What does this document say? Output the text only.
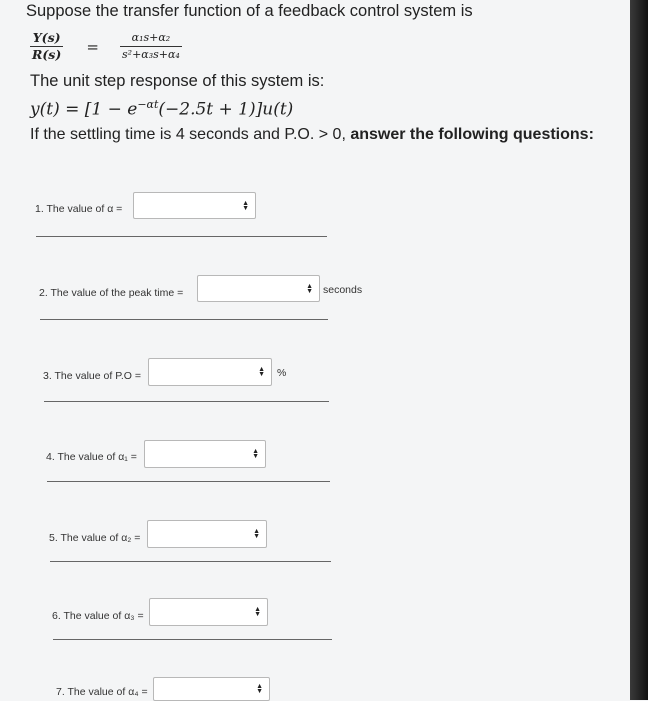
Suppose the transfer function of a feedback control system is
$\frac{Y(s)}{R(s)} = \frac{\text{α₁s+α₂}}{\text{s²+α₃s+α₄}}$
The unit step response of this system is:
$y(t) = [1 - e^{-\alpha t}(-2.5t + 1)]u(t)$
If the settling time is 4 seconds and P.O. > 0, answer the following questions:
1. The value of α =	▲
▼
2. The value of the peak time =
▲
▼ seconds
3. The value of P.O =
▲
▼ %
4. The value of α₁ =	▲
▼
5. The value of α₂ =
▲
▼
6. The value of α₃ =
▲
▼
7. The value of α₄ =	▲
▼
